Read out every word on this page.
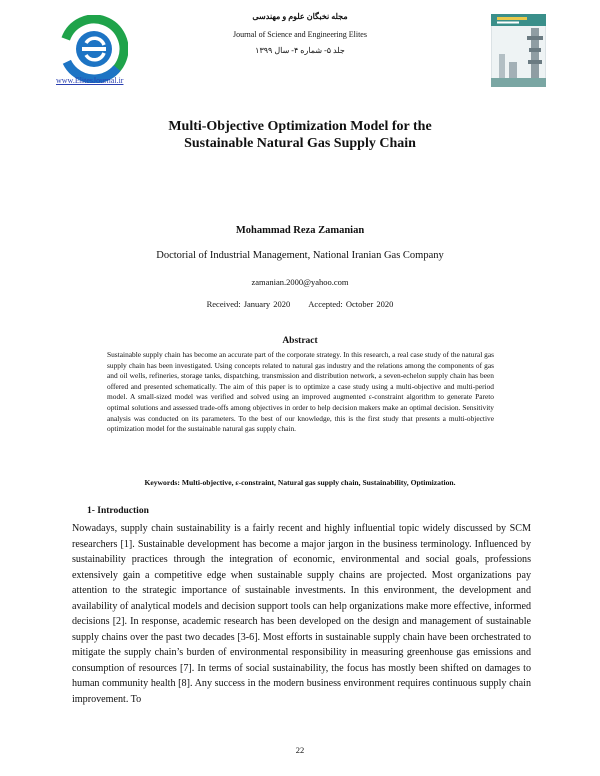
www.ElitesJournal.ir
مجله نخبگان علوم و مهندسی
Journal of Science and Engineering Elites
جلد ۵- شماره ۴- سال ۱۳۹۹
Multi-Objective Optimization Model for the
Sustainable Natural Gas Supply Chain
Mohammad Reza Zamanian
Doctorial of Industrial Management, National Iranian Gas Company
zamanian.2000@yahoo.com
Received: January 2020 Accepted: October 2020
Abstract
Sustainable supply chain has become an accurate part of the corporate strategy. In this research, a real case study of the natural gas supply chain has been investigated. Using concepts related to natural gas industry and the relations among the components of gas and oil wells, refineries, storage tanks, dispatching, transmission and distribution network, a seven-echelon supply chain has been offered and presented schematically. The aim of this paper is to optimize a case study using a multi-objective and multi-period model. A small-sized model was verified and solved using an improved augmented ε-constraint algorithm to generate Pareto optimal solutions and assessed trade-offs among objectives in order to help decision makers make an optimal decision. Sensitivity analysis was conducted on its parameters. To the best of our knowledge, this is the first study that presents a multi-objective optimization model for the sustainable natural gas supply chain.
Keywords: Multi-objective, ε-constraint, Natural gas supply chain, Sustainability, Optimization.
1- Introduction
Nowadays, supply chain sustainability is a fairly recent and highly influential topic widely discussed by SCM researchers [1]. Sustainable development has become a major jargon in the business terminology. Influenced by sustainability practices through the integration of economic, environmental and social goals, professions extensively gain a competitive edge when sustainable supply chains are projected. Most organizations pay attention to the strategic importance of sustainable investments. In this environment, the development and availability of analytical models and decision support tools can help organizations make more effective, informed decisions [2]. In response, academic research has been developed on the design and management of sustainable supply chains over the past two decades [3-6]. Most efforts in sustainable supply chain have been orchestrated to mitigate the supply chain’s burden of environmental responsibility in measuring greenhouse gas emissions and consumption of resources [7]. In terms of social sustainability, the focus has mostly been shifted on damages to human community health [8]. Any success in the modern business environment requires continuous supply chain improvement. To
22
